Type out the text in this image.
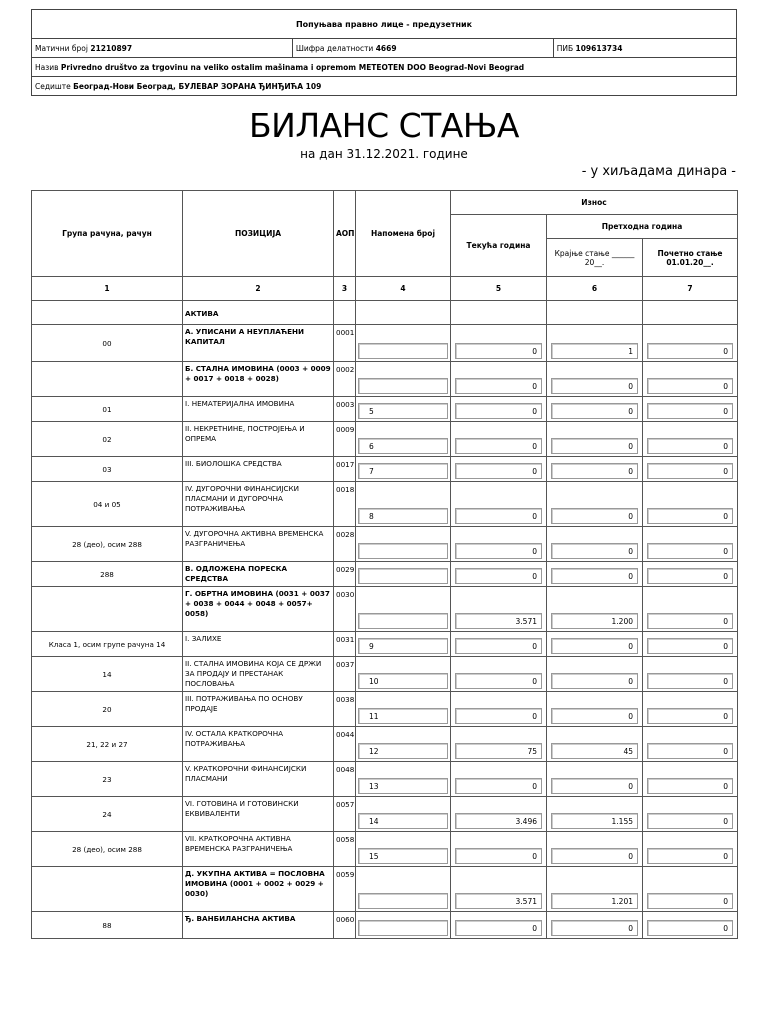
Попуњава правно лице - предузетник
Матични број 21210897	Шифра делатности 4669	ПИБ 109613734
Назив Privredno društvo za trgovinu na veliko ostalim mašinama i opremom METEOTEN DOO Beograd-Novi Beograd
Седиште Београд-Нови Београд, БУЛЕВАР ЗОРАНА ЂИНЂИЋА 109
БИЛАНС СТАЊА
на дан 31.12.2021. године
- у хиљадама динара -
Група рачуна, рачун	ПОЗИЦИЈА	АОП	Напомена број	Износ		
				Текућа година	Претходна година	
					Крајње стање ______ 20__.	Почетно стање 01.01.20__.
1	2	3	4	5	6	7
	АКТИВА					
00	А. УПИСАНИ А НЕУПЛАЋЕНИ КАПИТАЛ	0001		0	1	0

	Б. СТАЛНА ИМОВИНА (0003 + 0009 + 0017 + 0018 + 0028)	0002		0	0	0

01	I. НЕМАТЕРИЈАЛНА ИМОВИНА	0003	5	0	0	0

02	II. НЕКРЕТНИНЕ, ПОСТРОЈЕЊА И ОПРЕМА	0009	6	0	0	0

03	III. БИОЛОШКА СРЕДСТВА	0017	7	0	0	0

04 и 05	IV. ДУГОРОЧНИ ФИНАНСИЈСКИ ПЛАСМАНИ И ДУГОРОЧНА ПОТРАЖИВАЊА	0018	8	0	0	0

28 (део), осим 288	V. ДУГОРОЧНА АКТИВНА ВРЕМЕНСКА РАЗГРАНИЧЕЊА	0028		0	0	0

288	В. ОДЛОЖЕНА ПОРЕСКА СРЕДСТВА	0029		0	0	0

	Г. ОБРТНА ИМОВИНА (0031 + 0037 + 0038 + 0044 + 0048 + 0057+ 0058)	0030		3.571	1.200	0

Класа 1, осим групе рачуна 14	I. ЗАЛИХЕ	0031	9	0	0	0

14	II. СТАЛНА ИМОВИНА КОЈА СЕ ДРЖИ ЗА ПРОДАЈУ И ПРЕСТАНАК ПОСЛОВАЊА	0037	10	0	0	0

20	III. ПОТРАЖИВАЊА ПО ОСНОВУ ПРОДАЈЕ	0038	11	0	0	0

21, 22 и 27	IV. ОСТАЛА КРАТКОРОЧНА ПОТРАЖИВАЊА	0044	12	75	45	0

23	V. КРАТКОРОЧНИ ФИНАНСИЈСКИ ПЛАСМАНИ	0048	13	0	0	0

24	VI. ГОТОВИНА И ГОТОВИНСКИ ЕКВИВАЛЕНТИ	0057	14	3.496	1.155	0

28 (део), осим 288	VII. КРАТКОРОЧНА АКТИВНА ВРЕМЕНСКА РАЗГРАНИЧЕЊА	0058	15	0	0	0

	Д. УКУПНА АКТИВА = ПОСЛОВНА ИМОВИНА (0001 + 0002 + 0029 + 0030)	0059		3.571	1.201	0

88	Ђ. ВАНБИЛАНСНА АКТИВА	0060		0	0	0
